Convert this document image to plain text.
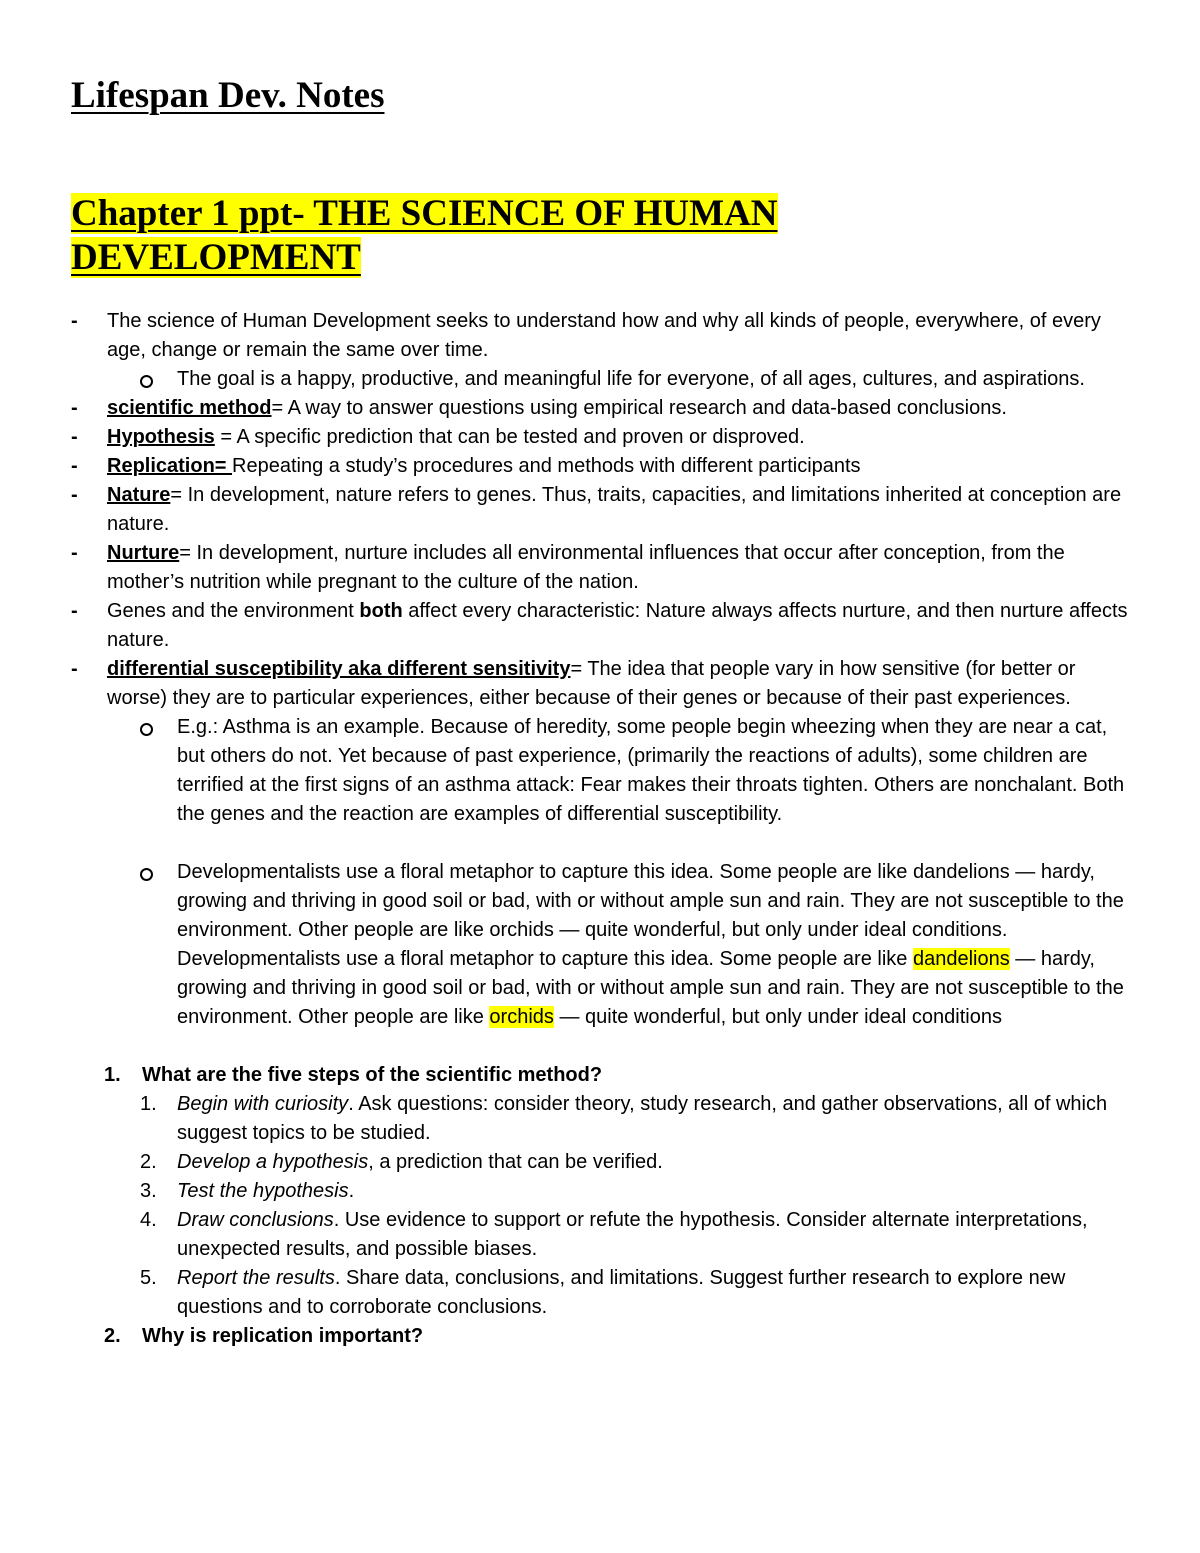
Lifespan Dev. Notes
Chapter 1 ppt- THE SCIENCE OF HUMAN DEVELOPMENT
-	The science of Human Development seeks to understand how and why all kinds of people, everywhere, of every age, change or remain the same over time.
The goal is a happy, productive, and meaningful life for everyone, of all ages, cultures, and aspirations.
-	scientific method= A way to answer questions using empirical research and data-based conclusions.
-	Hypothesis = A specific prediction that can be tested and proven or disproved.
-	Replication= Repeating a study’s procedures and methods with different participants
-	Nature= In development, nature refers to genes. Thus, traits, capacities, and limitations inherited at conception are nature.
-	Nurture= In development, nurture includes all environmental influences that occur after conception, from the mother’s nutrition while pregnant to the culture of the nation.
-	Genes and the environment both affect every characteristic: Nature always affects nurture, and then nurture affects nature.
-	differential susceptibility aka different sensitivity= The idea that people vary in how sensitive (for better or worse) they are to particular experiences, either because of their genes or because of their past experiences.
E.g.: Asthma is an example. Because of heredity, some people begin wheezing when they are near a cat, but others do not. Yet because of past experience, (primarily the reactions of adults), some children are terrified at the first signs of an asthma attack: Fear makes their throats tighten. Others are nonchalant. Both the genes and the reaction are examples of differential susceptibility.
Developmentalists use a floral metaphor to capture this idea. Some people are like dandelions — hardy, growing and thriving in good soil or bad, with or without ample sun and rain. They are not susceptible to the environment. Other people are like orchids — quite wonderful, but only under ideal conditions. Developmentalists use a floral metaphor to capture this idea. Some people are like dandelions — hardy, growing and thriving in good soil or bad, with or without ample sun and rain. They are not susceptible to the environment. Other people are like orchids — quite wonderful, but only under ideal conditions
1. What are the five steps of the scientific method?
1. Begin with curiosity. Ask questions: consider theory, study research, and gather observations, all of which suggest topics to be studied.
2. Develop a hypothesis, a prediction that can be verified.
3. Test the hypothesis.
4. Draw conclusions. Use evidence to support or refute the hypothesis. Consider alternate interpretations, unexpected results, and possible biases.
5. Report the results. Share data, conclusions, and limitations. Suggest further research to explore new questions and to corroborate conclusions.
2. Why is replication important?
